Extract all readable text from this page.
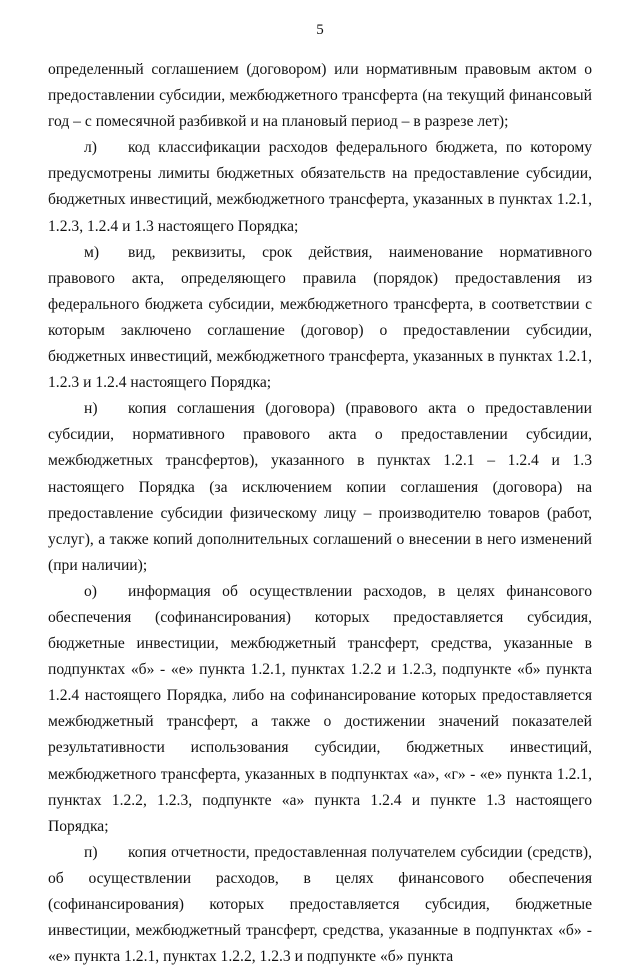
5

определенный соглашением (договором) или нормативным правовым актом о предоставлении субсидии, межбюджетного трансферта (на текущий финансовый год – с помесячной разбивкой и на плановый период – в разрезе лет);

л) код классификации расходов федерального бюджета, по которому предусмотрены лимиты бюджетных обязательств на предоставление субсидии, бюджетных инвестиций, межбюджетного трансферта, указанных в пунктах 1.2.1, 1.2.3, 1.2.4 и 1.3 настоящего Порядка;

м) вид, реквизиты, срок действия, наименование нормативного правового акта, определяющего правила (порядок) предоставления из федерального бюджета субсидии, межбюджетного трансферта, в соответствии с которым заключено соглашение (договор) о предоставлении субсидии, бюджетных инвестиций, межбюджетного трансферта, указанных в пунктах 1.2.1, 1.2.3 и 1.2.4 настоящего Порядка;

н) копия соглашения (договора) (правового акта о предоставлении субсидии, нормативного правового акта о предоставлении субсидии, межбюджетных трансфертов), указанного в пунктах 1.2.1 – 1.2.4 и 1.3 настоящего Порядка (за исключением копии соглашения (договора) на предоставление субсидии физическому лицу – производителю товаров (работ, услуг), а также копий дополнительных соглашений о внесении в него изменений (при наличии);

о) информация об осуществлении расходов, в целях финансового обеспечения (софинансирования) которых предоставляется субсидия, бюджетные инвестиции, межбюджетный трансферт, средства, указанные в подпунктах «б» - «е» пункта 1.2.1, пунктах 1.2.2 и 1.2.3, подпункте «б» пункта 1.2.4 настоящего Порядка, либо на софинансирование которых предоставляется межбюджетный трансферт, а также о достижении значений показателей результативности использования субсидии, бюджетных инвестиций, межбюджетного трансферта, указанных в подпунктах «а», «г» - «е» пункта 1.2.1, пунктах 1.2.2, 1.2.3, подпункте «а» пункта 1.2.4 и пункте 1.3 настоящего Порядка;

п) копия отчетности, предоставленная получателем субсидии (средств), об осуществлении расходов, в целях финансового обеспечения (софинансирования) которых предоставляется субсидия, бюджетные инвестиции, межбюджетный трансферт, средства, указанные в подпунктах «б» - «е» пункта 1.2.1, пунктах 1.2.2, 1.2.3 и подпункте «б» пункта
